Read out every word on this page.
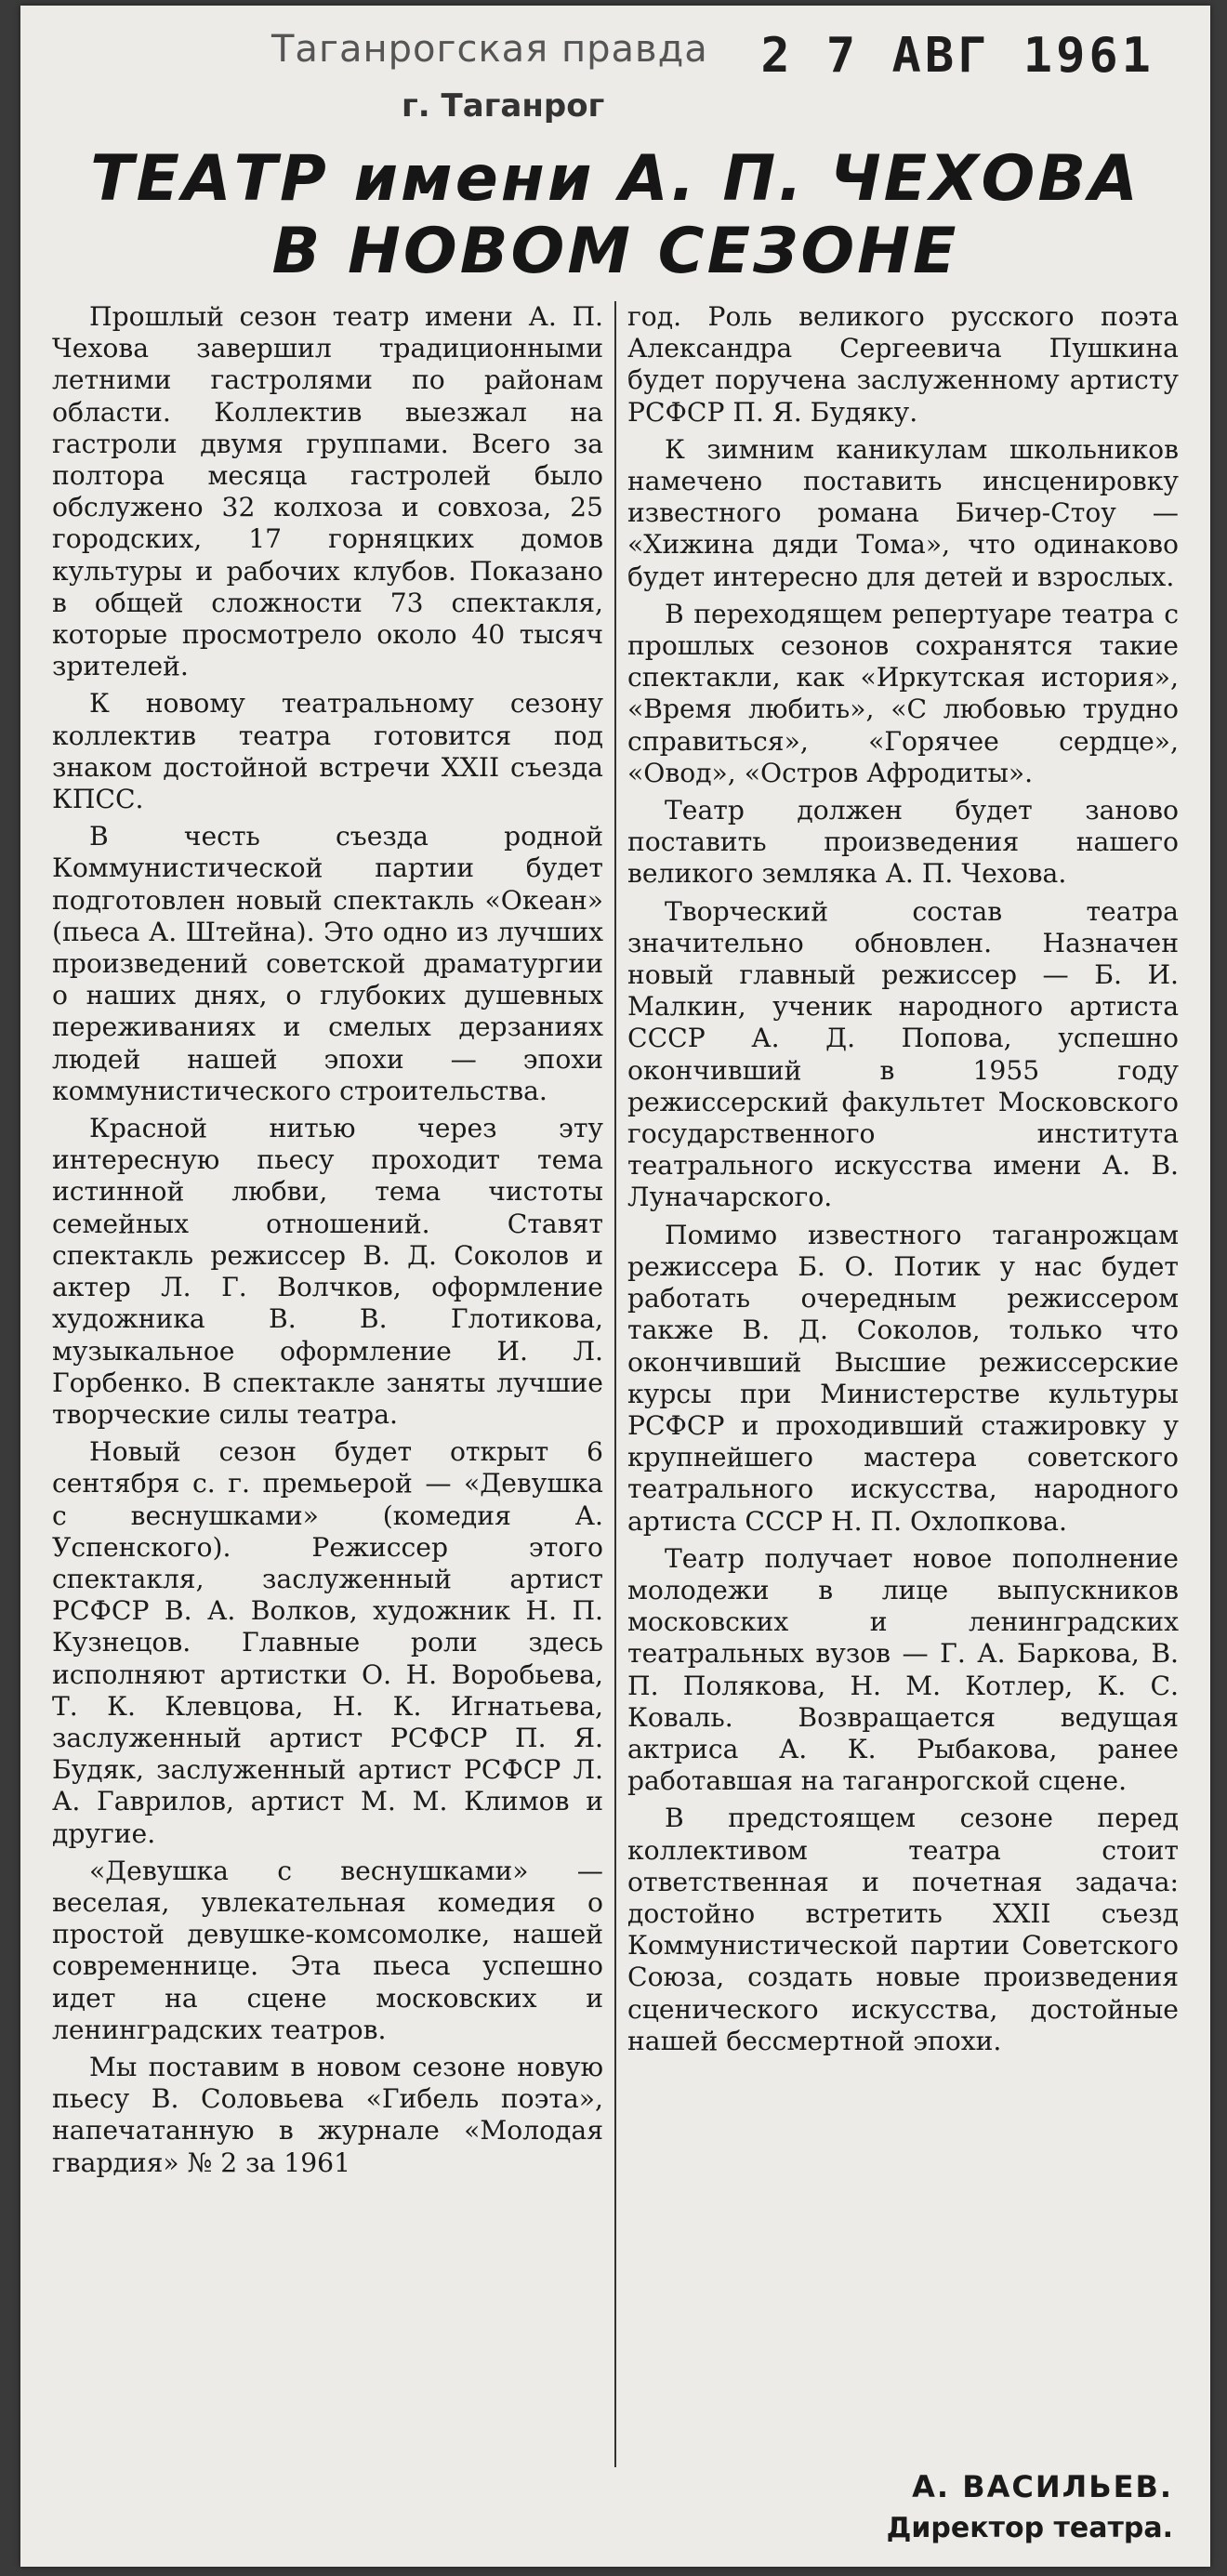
Таганрогская правда
г. Таганрог
2 7 АВГ 1961
ТЕАТР имени А. П. ЧЕХОВА
В НОВОМ СЕЗОНЕ

Прошлый сезон театр имени А. П. Чехова завершил традиционными летними гастролями по районам области. Коллектив выезжал на гастроли двумя группами. Всего за полтора месяца гастролей было обслужено 32 колхоза и совхоза, 25 городских, 17 горняцких домов культуры и рабочих клубов. Показано в общей сложности 73 спектакля, которые просмотрело около 40 тысяч зрителей.

К новому театральному сезону коллектив театра готовится под знаком достойной встречи XXII съезда КПСС.

В честь съезда родной Коммунистической партии будет подготовлен новый спектакль «Океан» (пьеса А. Штейна). Это одно из лучших произведений советской драматургии о наших днях, о глубоких душевных переживаниях и смелых дерзаниях людей нашей эпохи — эпохи коммунистического строительства.

Красной нитью через эту интересную пьесу проходит тема истинной любви, тема чистоты семейных отношений. Ставят спектакль режиссер В. Д. Соколов и актер Л. Г. Волчков, оформление художника В. В. Глотикова, музыкальное оформление И. Л. Горбенко. В спектакле заняты лучшие творческие силы театра.

Новый сезон будет открыт 6 сентября с. г. премьерой — «Девушка с веснушками» (комедия А. Успенского). Режиссер этого спектакля, заслуженный артист РСФСР В. А. Волков, художник Н. П. Кузнецов. Главные роли здесь исполняют артистки О. Н. Воробьева, Т. К. Клевцова, Н. К. Игнатьева, заслуженный артист РСФСР П. Я. Будяк, заслуженный артист РСФСР Л. А. Гаврилов, артист М. М. Климов и другие.

«Девушка с веснушками» — веселая, увлекательная комедия о простой девушке-комсомолке, нашей современнице. Эта пьеса успешно идет на сцене московских и ленинградских театров.

Мы поставим в новом сезоне новую пьесу В. Соловьева «Гибель поэта», напечатанную в журнале «Молодая гвардия» № 2 за 1961

год. Роль великого русского поэта Александра Сергеевича Пушкина будет поручена заслуженному артисту РСФСР П. Я. Будяку.

К зимним каникулам школьников намечено поставить инсценировку известного романа Бичер-Стоу — «Хижина дяди Тома», что одинаково будет интересно для детей и взрослых.

В переходящем репертуаре театра с прошлых сезонов сохранятся такие спектакли, как «Иркутская история», «Время любить», «С любовью трудно справиться», «Горячее сердце», «Овод», «Остров Афродиты».

Театр должен будет заново поставить произведения нашего великого земляка А. П. Чехова.

Творческий состав театра значительно обновлен. Назначен новый главный режиссер — Б. И. Малкин, ученик народного артиста СССР А. Д. Попова, успешно окончивший в 1955 году режиссерский факультет Московского государственного института театрального искусства имени А. В. Луначарского.

Помимо известного таганрожцам режиссера Б. О. Потик у нас будет работать очередным режиссером также В. Д. Соколов, только что окончивший Высшие режиссерские курсы при Министерстве культуры РСФСР и проходивший стажировку у крупнейшего мастера советского театрального искусства, народного артиста СССР Н. П. Охлопкова.

Театр получает новое пополнение молодежи в лице выпускников московских и ленинградских театральных вузов — Г. А. Баркова, В. П. Полякова, Н. М. Котлер, К. С. Коваль. Возвращается ведущая актриса А. К. Рыбакова, ранее работавшая на таганрогской сцене.

В предстоящем сезоне перед коллективом театра стоит ответственная и почетная задача: достойно встретить XXII съезд Коммунистической партии Советского Союза, создать новые произведения сценического искусства, достойные нашей бессмертной эпохи.

А. ВАСИЛЬЕВ.
Директор театра.
